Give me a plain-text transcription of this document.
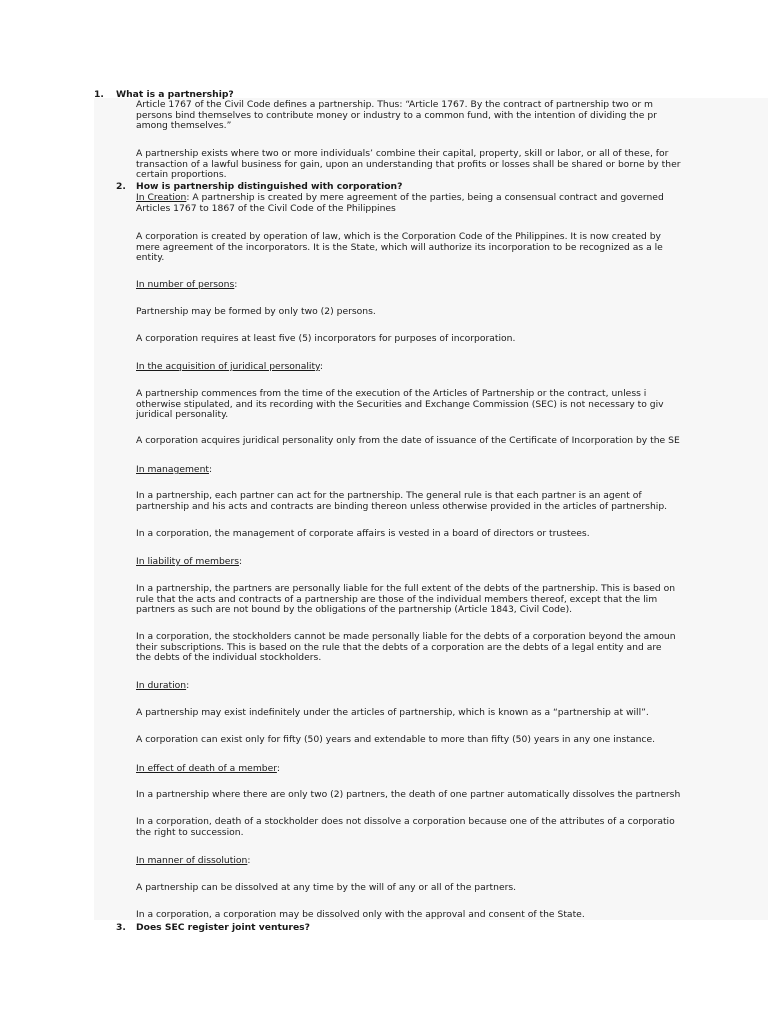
1. What is a partnership?
Article 1767 of the Civil Code defines a partnership. Thus: “Article 1767. By the contract of partnership two or m
persons bind themselves to contribute money or industry to a common fund, with the intention of dividing the pr
among themselves.”
A partnership exists where two or more individuals’ combine their capital, property, skill or labor, or all of these, for
transaction of a lawful business for gain, upon an understanding that profits or losses shall be shared or borne by ther
certain proportions.
2. How is partnership distinguished with corporation?
In Creation: A partnership is created by mere agreement of the parties, being a consensual contract and governed
Articles 1767 to 1867 of the Civil Code of the Philippines
A corporation is created by operation of law, which is the Corporation Code of the Philippines. It is now created by
mere agreement of the incorporators. It is the State, which will authorize its incorporation to be recognized as a le
entity.
In number of persons:
Partnership may be formed by only two (2) persons.
A corporation requires at least five (5) incorporators for purposes of incorporation.
In the acquisition of juridical personality:
A partnership commences from the time of the execution of the Articles of Partnership or the contract, unless i
otherwise stipulated, and its recording with the Securities and Exchange Commission (SEC) is not necessary to giv
juridical personality.
A corporation acquires juridical personality only from the date of issuance of the Certificate of Incorporation by the SE
In management:
In a partnership, each partner can act for the partnership. The general rule is that each partner is an agent of
partnership and his acts and contracts are binding thereon unless otherwise provided in the articles of partnership.
In a corporation, the management of corporate affairs is vested in a board of directors or trustees.
In liability of members:
In a partnership, the partners are personally liable for the full extent of the debts of the partnership. This is based on
rule that the acts and contracts of a partnership are those of the individual members thereof, except that the lim
partners as such are not bound by the obligations of the partnership (Article 1843, Civil Code).
In a corporation, the stockholders cannot be made personally liable for the debts of a corporation beyond the amoun
their subscriptions. This is based on the rule that the debts of a corporation are the debts of a legal entity and are
the debts of the individual stockholders.
In duration:
A partnership may exist indefinitely under the articles of partnership, which is known as a “partnership at will”.
A corporation can exist only for fifty (50) years and extendable to more than fifty (50) years in any one instance.
In effect of death of a member:
In a partnership where there are only two (2) partners, the death of one partner automatically dissolves the partnersh
In a corporation, death of a stockholder does not dissolve a corporation because one of the attributes of a corporatio
the right to succession.
In manner of dissolution:
A partnership can be dissolved at any time by the will of any or all of the partners.
In a corporation, a corporation may be dissolved only with the approval and consent of the State.
3. Does SEC register joint ventures?
